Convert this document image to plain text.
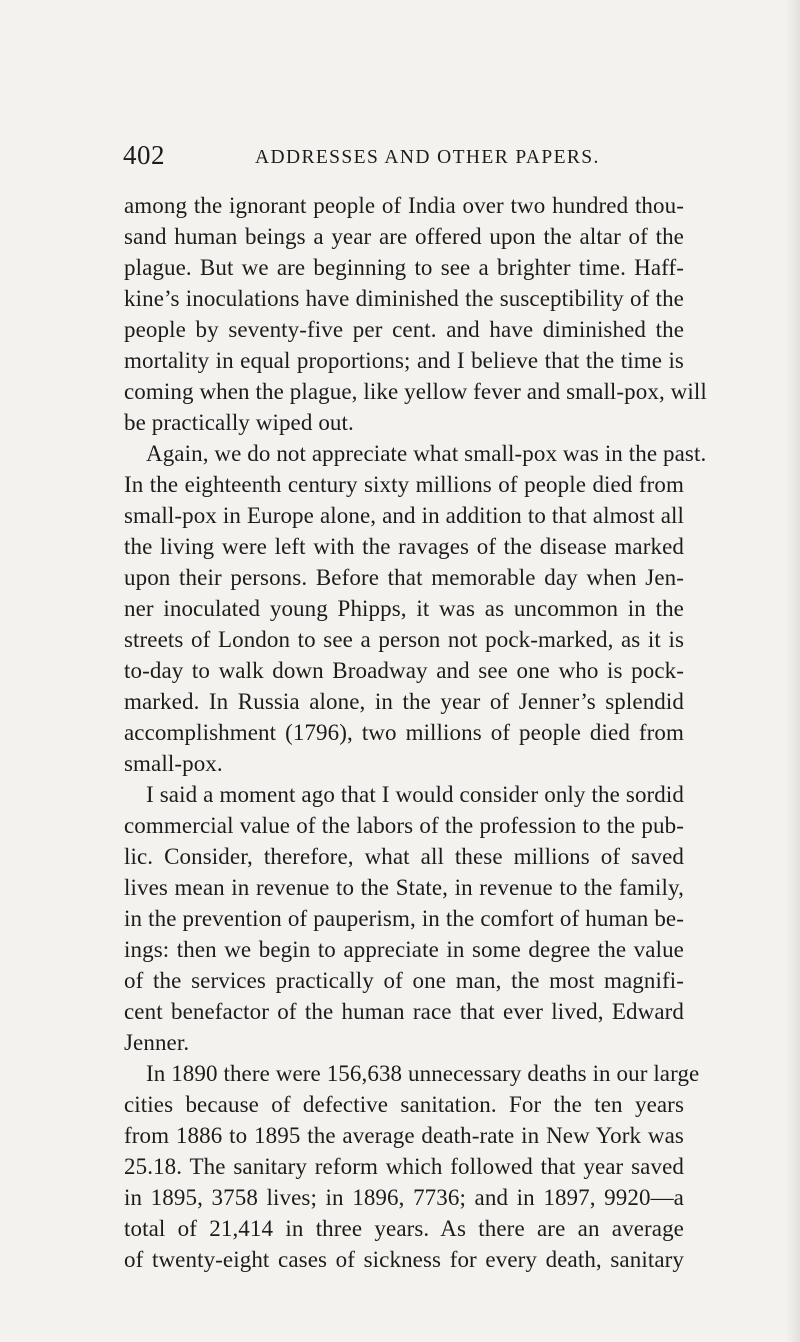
402	ADDRESSES AND OTHER PAPERS.
among the ignorant people of India over two hundred thou-
sand human beings a year are offered upon the altar of the
plague. But we are beginning to see a brighter time. Haff-
kine’s inoculations have diminished the susceptibility of the
people by seventy-five per cent. and have diminished the
mortality in equal proportions; and I believe that the time is
coming when the plague, like yellow fever and small-pox, will
be practically wiped out.
Again, we do not appreciate what small-pox was in the past.
In the eighteenth century sixty millions of people died from
small-pox in Europe alone, and in addition to that almost all
the living were left with the ravages of the disease marked
upon their persons. Before that memorable day when Jen-
ner inoculated young Phipps, it was as uncommon in the
streets of London to see a person not pock-marked, as it is
to-day to walk down Broadway and see one who is pock-
marked. In Russia alone, in the year of Jenner’s splendid
accomplishment (1796), two millions of people died from
small-pox.
I said a moment ago that I would consider only the sordid
commercial value of the labors of the profession to the pub-
lic. Consider, therefore, what all these millions of saved
lives mean in revenue to the State, in revenue to the family,
in the prevention of pauperism, in the comfort of human be-
ings: then we begin to appreciate in some degree the value
of the services practically of one man, the most magnifi-
cent benefactor of the human race that ever lived, Edward
Jenner.
In 1890 there were 156,638 unnecessary deaths in our large
cities because of defective sanitation. For the ten years
from 1886 to 1895 the average death-rate in New York was
25.18. The sanitary reform which followed that year saved
in 1895, 3758 lives; in 1896, 7736; and in 1897, 9920—a
total of 21,414 in three years. As there are an average
of twenty-eight cases of sickness for every death, sanitary
